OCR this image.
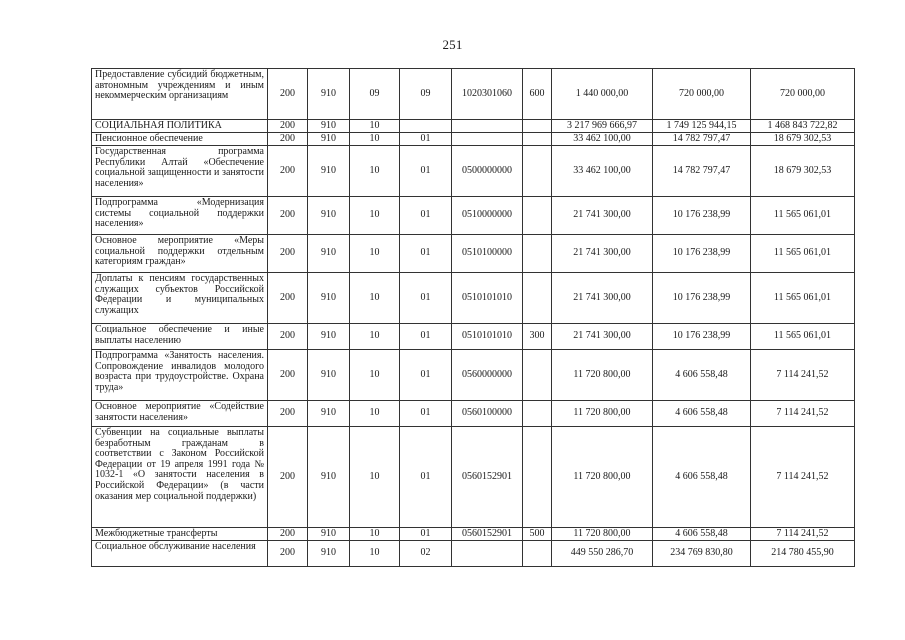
251
Предоставление субсидий бюджетным, автономным учреждениям и иным некоммерческим организациям	200	910	09	09	1020301060	600	1 440 000,00	720 000,00	720 000,00
СОЦИАЛЬНАЯ ПОЛИТИКА	200	910	10				3 217 969 666,97	1 749 125 944,15	1 468 843 722,82
Пенсионное обеспечение	200	910	10	01			33 462 100,00	14 782 797,47	18 679 302,53
Государственная программа Республики Алтай «Обеспечение социальной защищенности и занятости населения»	200	910	10	01	0500000000		33 462 100,00	14 782 797,47	18 679 302,53
Подпрограмма «Модернизация системы социальной поддержки населения»	200	910	10	01	0510000000		21 741 300,00	10 176 238,99	11 565 061,01
Основное мероприятие «Меры социальной поддержки отдельным категориям граждан»	200	910	10	01	0510100000		21 741 300,00	10 176 238,99	11 565 061,01
Доплаты к пенсиям государственных служащих субъектов Российской Федерации и муниципальных служащих	200	910	10	01	0510101010		21 741 300,00	10 176 238,99	11 565 061,01
Социальное обеспечение и иные выплаты населению	200	910	10	01	0510101010	300	21 741 300,00	10 176 238,99	11 565 061,01
Подпрограмма «Занятость населения. Сопровождение инвалидов молодого возраста при трудоустройстве. Охрана труда»	200	910	10	01	0560000000		11 720 800,00	4 606 558,48	7 114 241,52
Основное мероприятие «Содействие занятости населения»	200	910	10	01	0560100000		11 720 800,00	4 606 558,48	7 114 241,52
Субвенции на социальные выплаты безработным гражданам в соответствии с Законом Российской Федерации от 19 апреля 1991 года № 1032-1 «О занятости населения в Российской Федерации» (в части оказания мер социальной поддержки)	200	910	10	01	0560152901		11 720 800,00	4 606 558,48	7 114 241,52
Межбюджетные трансферты	200	910	10	01	0560152901	500	11 720 800,00	4 606 558,48	7 114 241,52
Социальное обслуживание населения	200	910	10	02			449 550 286,70	234 769 830,80	214 780 455,90
